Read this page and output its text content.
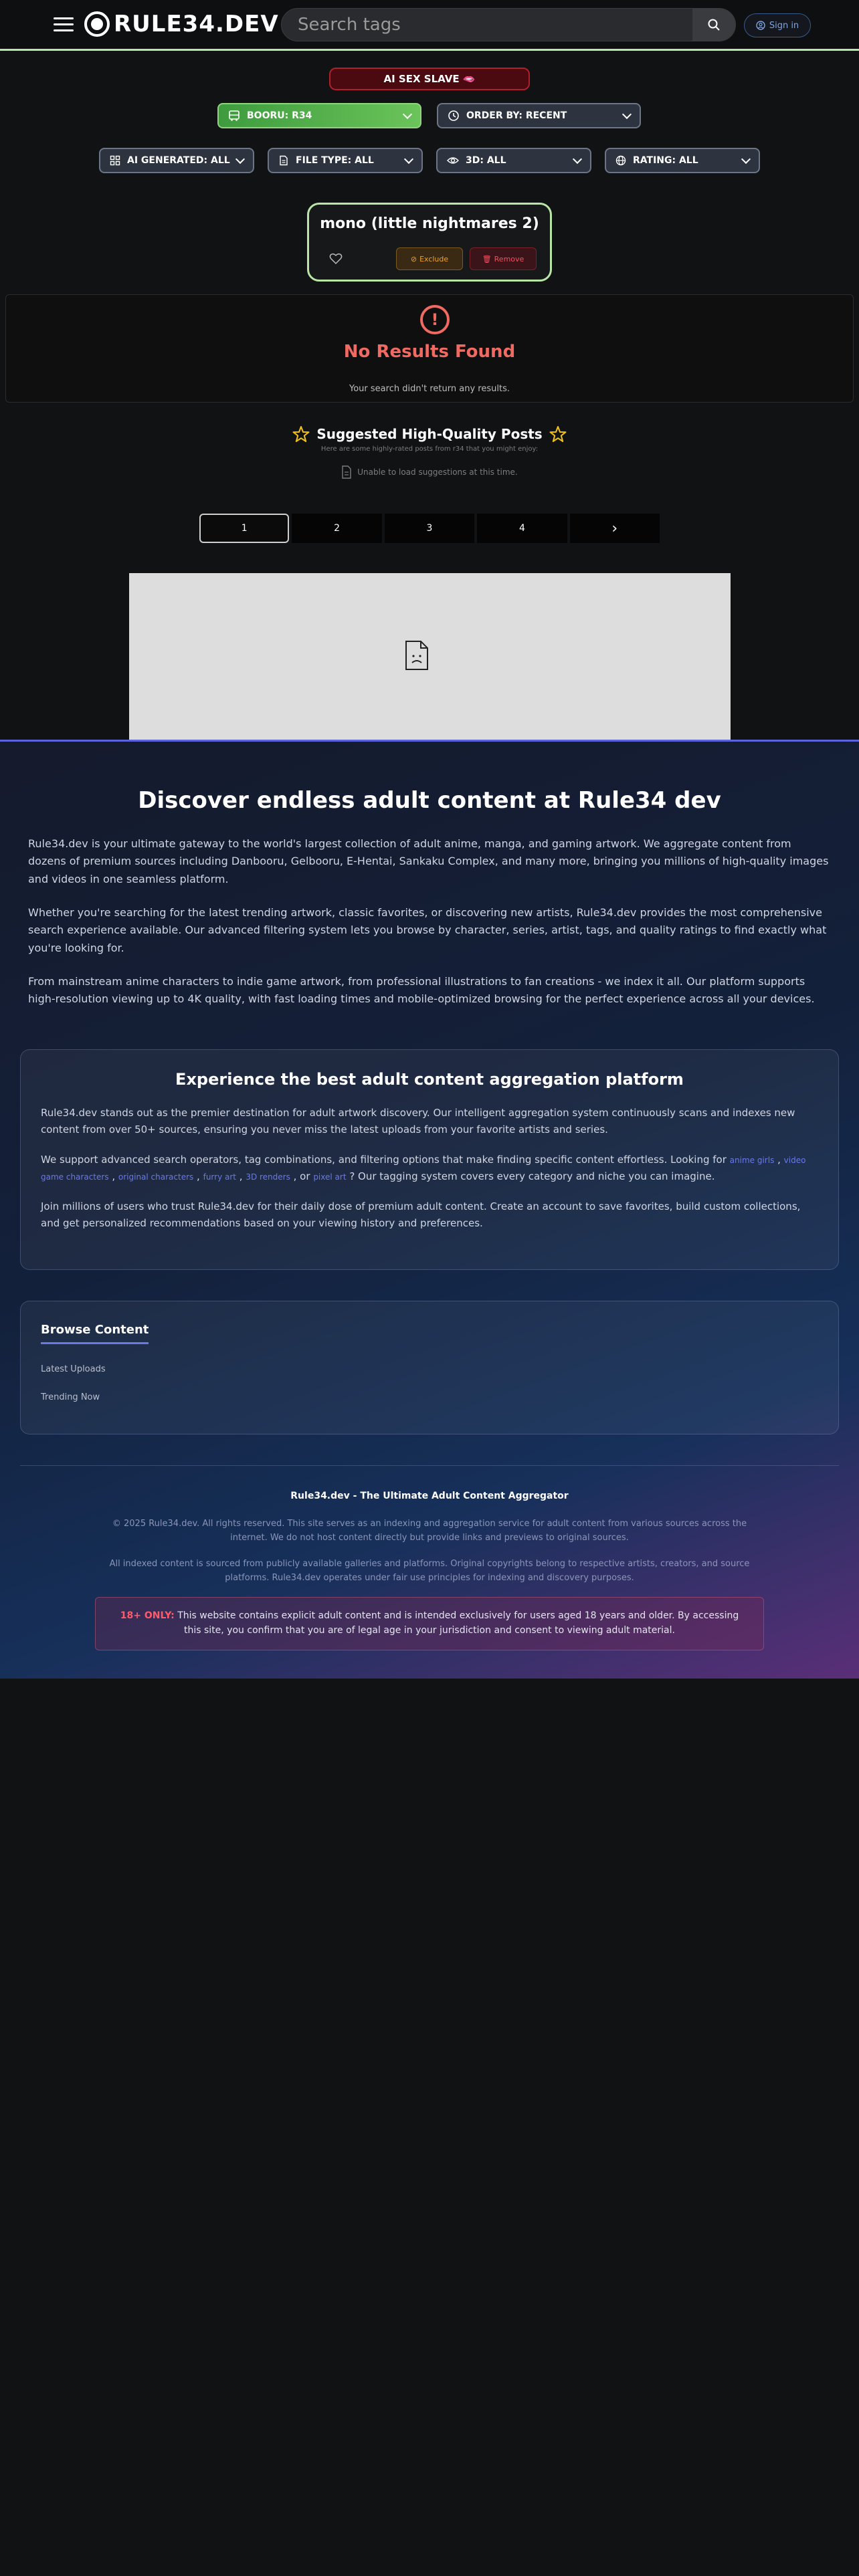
RULE34.DEV
Search tags	Sign in
AI SEX SLAVE 🫦
BOORU: R34	ORDER BY: RECENT
AI GENERATED: ALL	FILE TYPE: ALL	3D: ALL	RATING: ALL
mono (little nightmares 2)
⊘ Exclude	🗑 Remove
!
No Results Found
Your search didn't return any results.
Suggested High-Quality Posts
Here are some highly-rated posts from r34 that you might enjoy:
Unable to load suggestions at this time.
1	2	3	4	›
Discover endless adult content at Rule34 dev

Rule34.dev is your ultimate gateway to the world's largest collection of adult anime, manga, and gaming artwork. We aggregate content from dozens of premium sources including Danbooru, Gelbooru, E-Hentai, Sankaku Complex, and many more, bringing you millions of high-quality images and videos in one seamless platform.

Whether you're searching for the latest trending artwork, classic favorites, or discovering new artists, Rule34.dev provides the most comprehensive search experience available. Our advanced filtering system lets you browse by character, series, artist, tags, and quality ratings to find exactly what you're looking for.

From mainstream anime characters to indie game artwork, from professional illustrations to fan creations - we index it all. Our platform supports high-resolution viewing up to 4K quality, with fast loading times and mobile-optimized browsing for the perfect experience across all your devices.

Experience the best adult content aggregation platform

Rule34.dev stands out as the premier destination for adult artwork discovery. Our intelligent aggregation system continuously scans and indexes new content from over 50+ sources, ensuring you never miss the latest uploads from your favorite artists and series.

We support advanced search operators, tag combinations, and filtering options that make finding specific content effortless. Looking for anime girls , video game characters , original characters , furry art , 3D renders , or pixel art ? Our tagging system covers every category and niche you can imagine.

Join millions of users who trust Rule34.dev for their daily dose of premium adult content. Create an account to save favorites, build custom collections, and get personalized recommendations based on your viewing history and preferences.

Browse Content
Latest Uploads
Trending Now
Rule34.dev - The Ultimate Adult Content Aggregator
© 2025 Rule34.dev. All rights reserved. This site serves as an indexing and aggregation service for adult content from various sources across the internet. We do not host content directly but provide links and previews to original sources.
All indexed content is sourced from publicly available galleries and platforms. Original copyrights belong to respective artists, creators, and source platforms. Rule34.dev operates under fair use principles for indexing and discovery purposes.
18+ ONLY: This website contains explicit adult content and is intended exclusively for users aged 18 years and older. By accessing this site, you confirm that you are of legal age in your jurisdiction and consent to viewing adult material.
